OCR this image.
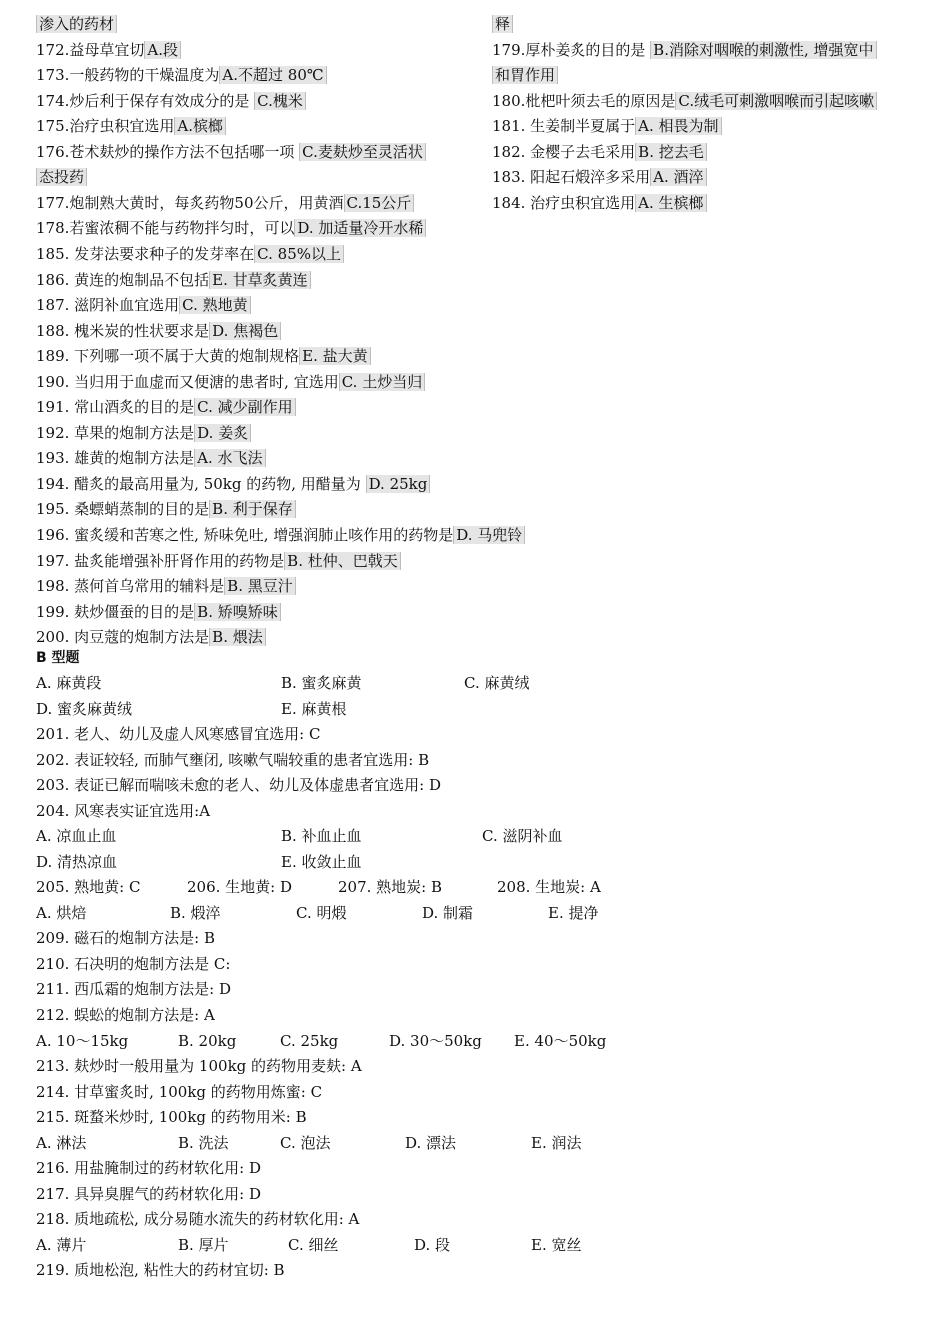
渗入的药材
172.益母草宜切 A.段
173.一般药物的干燥温度为 A.不超过 80℃
174.炒后利于保存有效成分的是 C.槐米
175.治疗虫积宜选用 A.槟榔
176.苍术麸炒的操作方法不包括哪一项 C.麦麸炒至灵活状
态投药
177.炮制熟大黄时，每炙药物50公斤，用黄酒 C.15公斤
178.若蜜浓稠不能与药物拌匀时，可以 D. 加适量冷开水稀
185. 发芽法要求种子的发芽率在 C. 85%以上
186. 黄连的炮制品不包括 E. 甘草炙黄连
187. 滋阴补血宜选用 C. 熟地黄
188. 槐米炭的性状要求是 D. 焦褐色
189. 下列哪一项不属于大黄的炮制规格 E. 盐大黄
190. 当归用于血虚而又便溏的患者时, 宜选用 C. 土炒当归
191. 常山酒炙的目的是 C. 减少副作用
192. 草果的炮制方法是 D. 姜炙
193. 雄黄的炮制方法是 A. 水飞法
194. 醋炙的最高用量为, 50kg 的药物, 用醋量为 D. 25kg
195. 桑螵蛸蒸制的目的是 B. 利于保存
196. 蜜炙缓和苦寒之性, 矫味免吐, 增强润肺止咳作用的药物是 D. 马兜铃
197. 盐炙能增强补肝肾作用的药物是 B. 杜仲、巴戟天
198. 蒸何首乌常用的辅料是 B. 黑豆汁
199. 麸炒僵蚕的目的是 B. 矫嗅矫味
200. 肉豆蔻的炮制方法是 B. 煨法
释
179.厚朴姜炙的目的是 B.消除对咽喉的刺激性, 增强宽中
和胃作用
180.枇杷叶须去毛的原因是 C.绒毛可刺激咽喉而引起咳嗽
181. 生姜制半夏属于 A. 相畏为制
182. 金樱子去毛采用 B. 挖去毛
183. 阳起石煅淬多采用 A. 酒淬
184. 治疗虫积宜选用 A. 生槟榔
B 型题
A. 麻黄段	B. 蜜炙麻黄	C. 麻黄绒
D. 蜜炙麻黄绒	E. 麻黄根
201. 老人、幼儿及虚人风寒感冒宜选用: C
202. 表证较轻, 而肺气壅闭, 咳嗽气喘较重的患者宜选用: B
203. 表证已解而喘咳未愈的老人、幼儿及体虚患者宜选用: D
204. 风寒表实证宜选用:A
A. 凉血止血	B. 补血止血	C. 滋阴补血
D. 清热凉血	E. 收敛止血
205. 熟地黄: C	206. 生地黄: D	207. 熟地炭: B	208. 生地炭: A
A. 烘焙	B. 煅淬	C. 明煅	D. 制霜	E. 提净
209. 磁石的炮制方法是: B
210. 石决明的炮制方法是 C:
211. 西瓜霜的炮制方法是: D
212. 蜈蚣的炮制方法是: A
A. 10～15kg	B. 20kg	C. 25kg	D. 30～50kg E. 40～50kg
213. 麸炒时一般用量为 100kg 的药物用麦麸: A
214. 甘草蜜炙时, 100kg 的药物用炼蜜: C
215. 斑蝥米炒时, 100kg 的药物用米: B
A. 淋法	B. 洗法	C. 泡法	D. 漂法	E. 润法
216. 用盐腌制过的药材软化用: D
217. 具异臭腥气的药材软化用: D
218. 质地疏松, 成分易随水流失的药材软化用: A
A. 薄片	B. 厚片	C. 细丝	D. 段	E. 宽丝
219. 质地松泡, 粘性大的药材宜切: B
